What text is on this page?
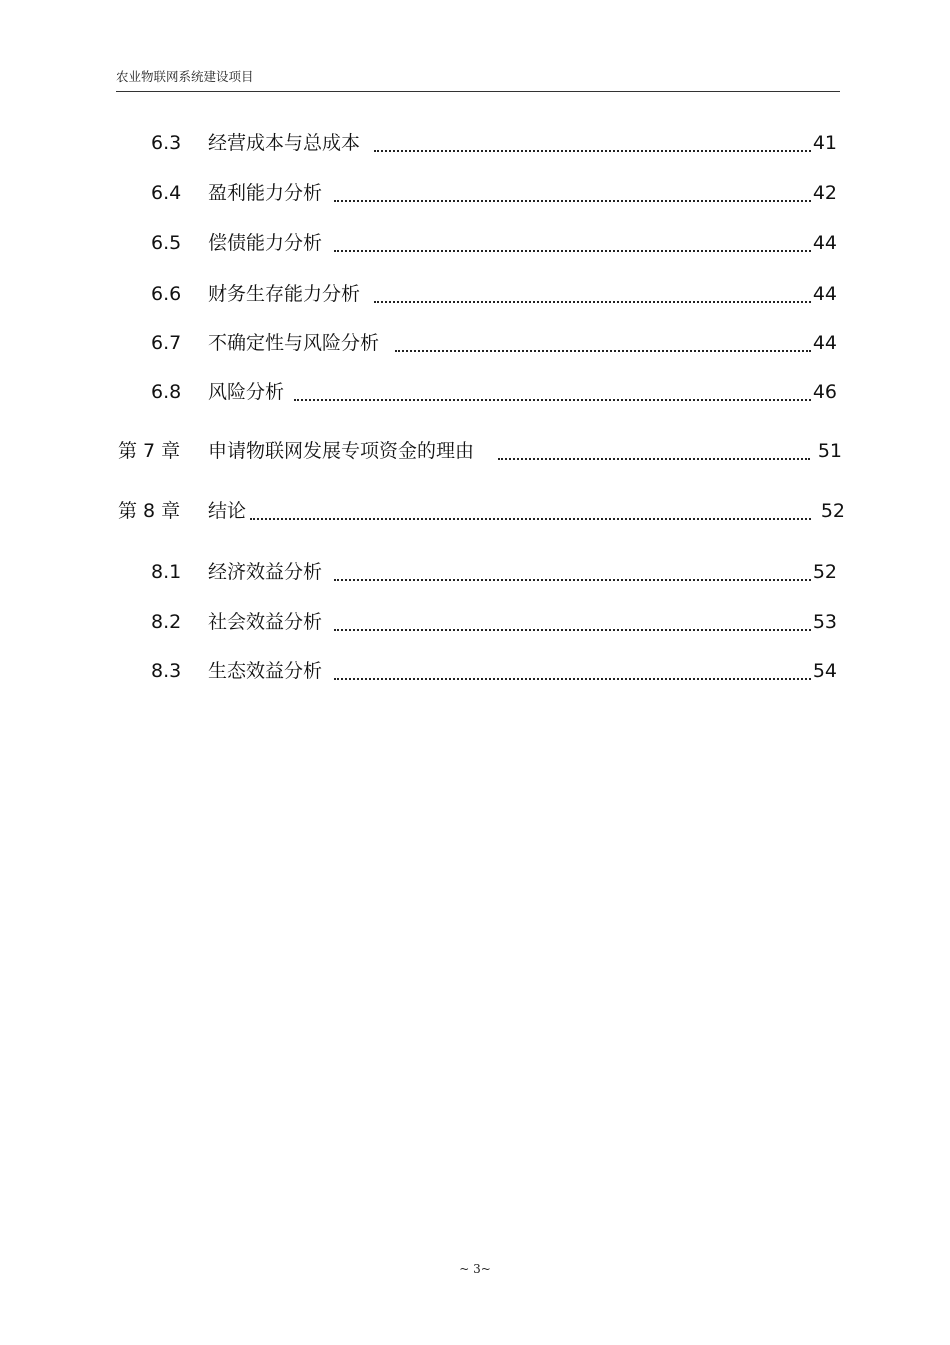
农业物联网系统建设项目
6.3	经营成本与总成本	41
6.4	盈利能力分析	42
6.5	偿债能力分析	44
6.6	财务生存能力分析	44
6.7	不确定性与风险分析	44
6.8	风险分析	46
第 7 章	申请物联网发展专项资金的理由	51
第 8 章	结论	52
8.1	经济效益分析	52
8.2	社会效益分析	53
8.3	生态效益分析	54
~ 3~
